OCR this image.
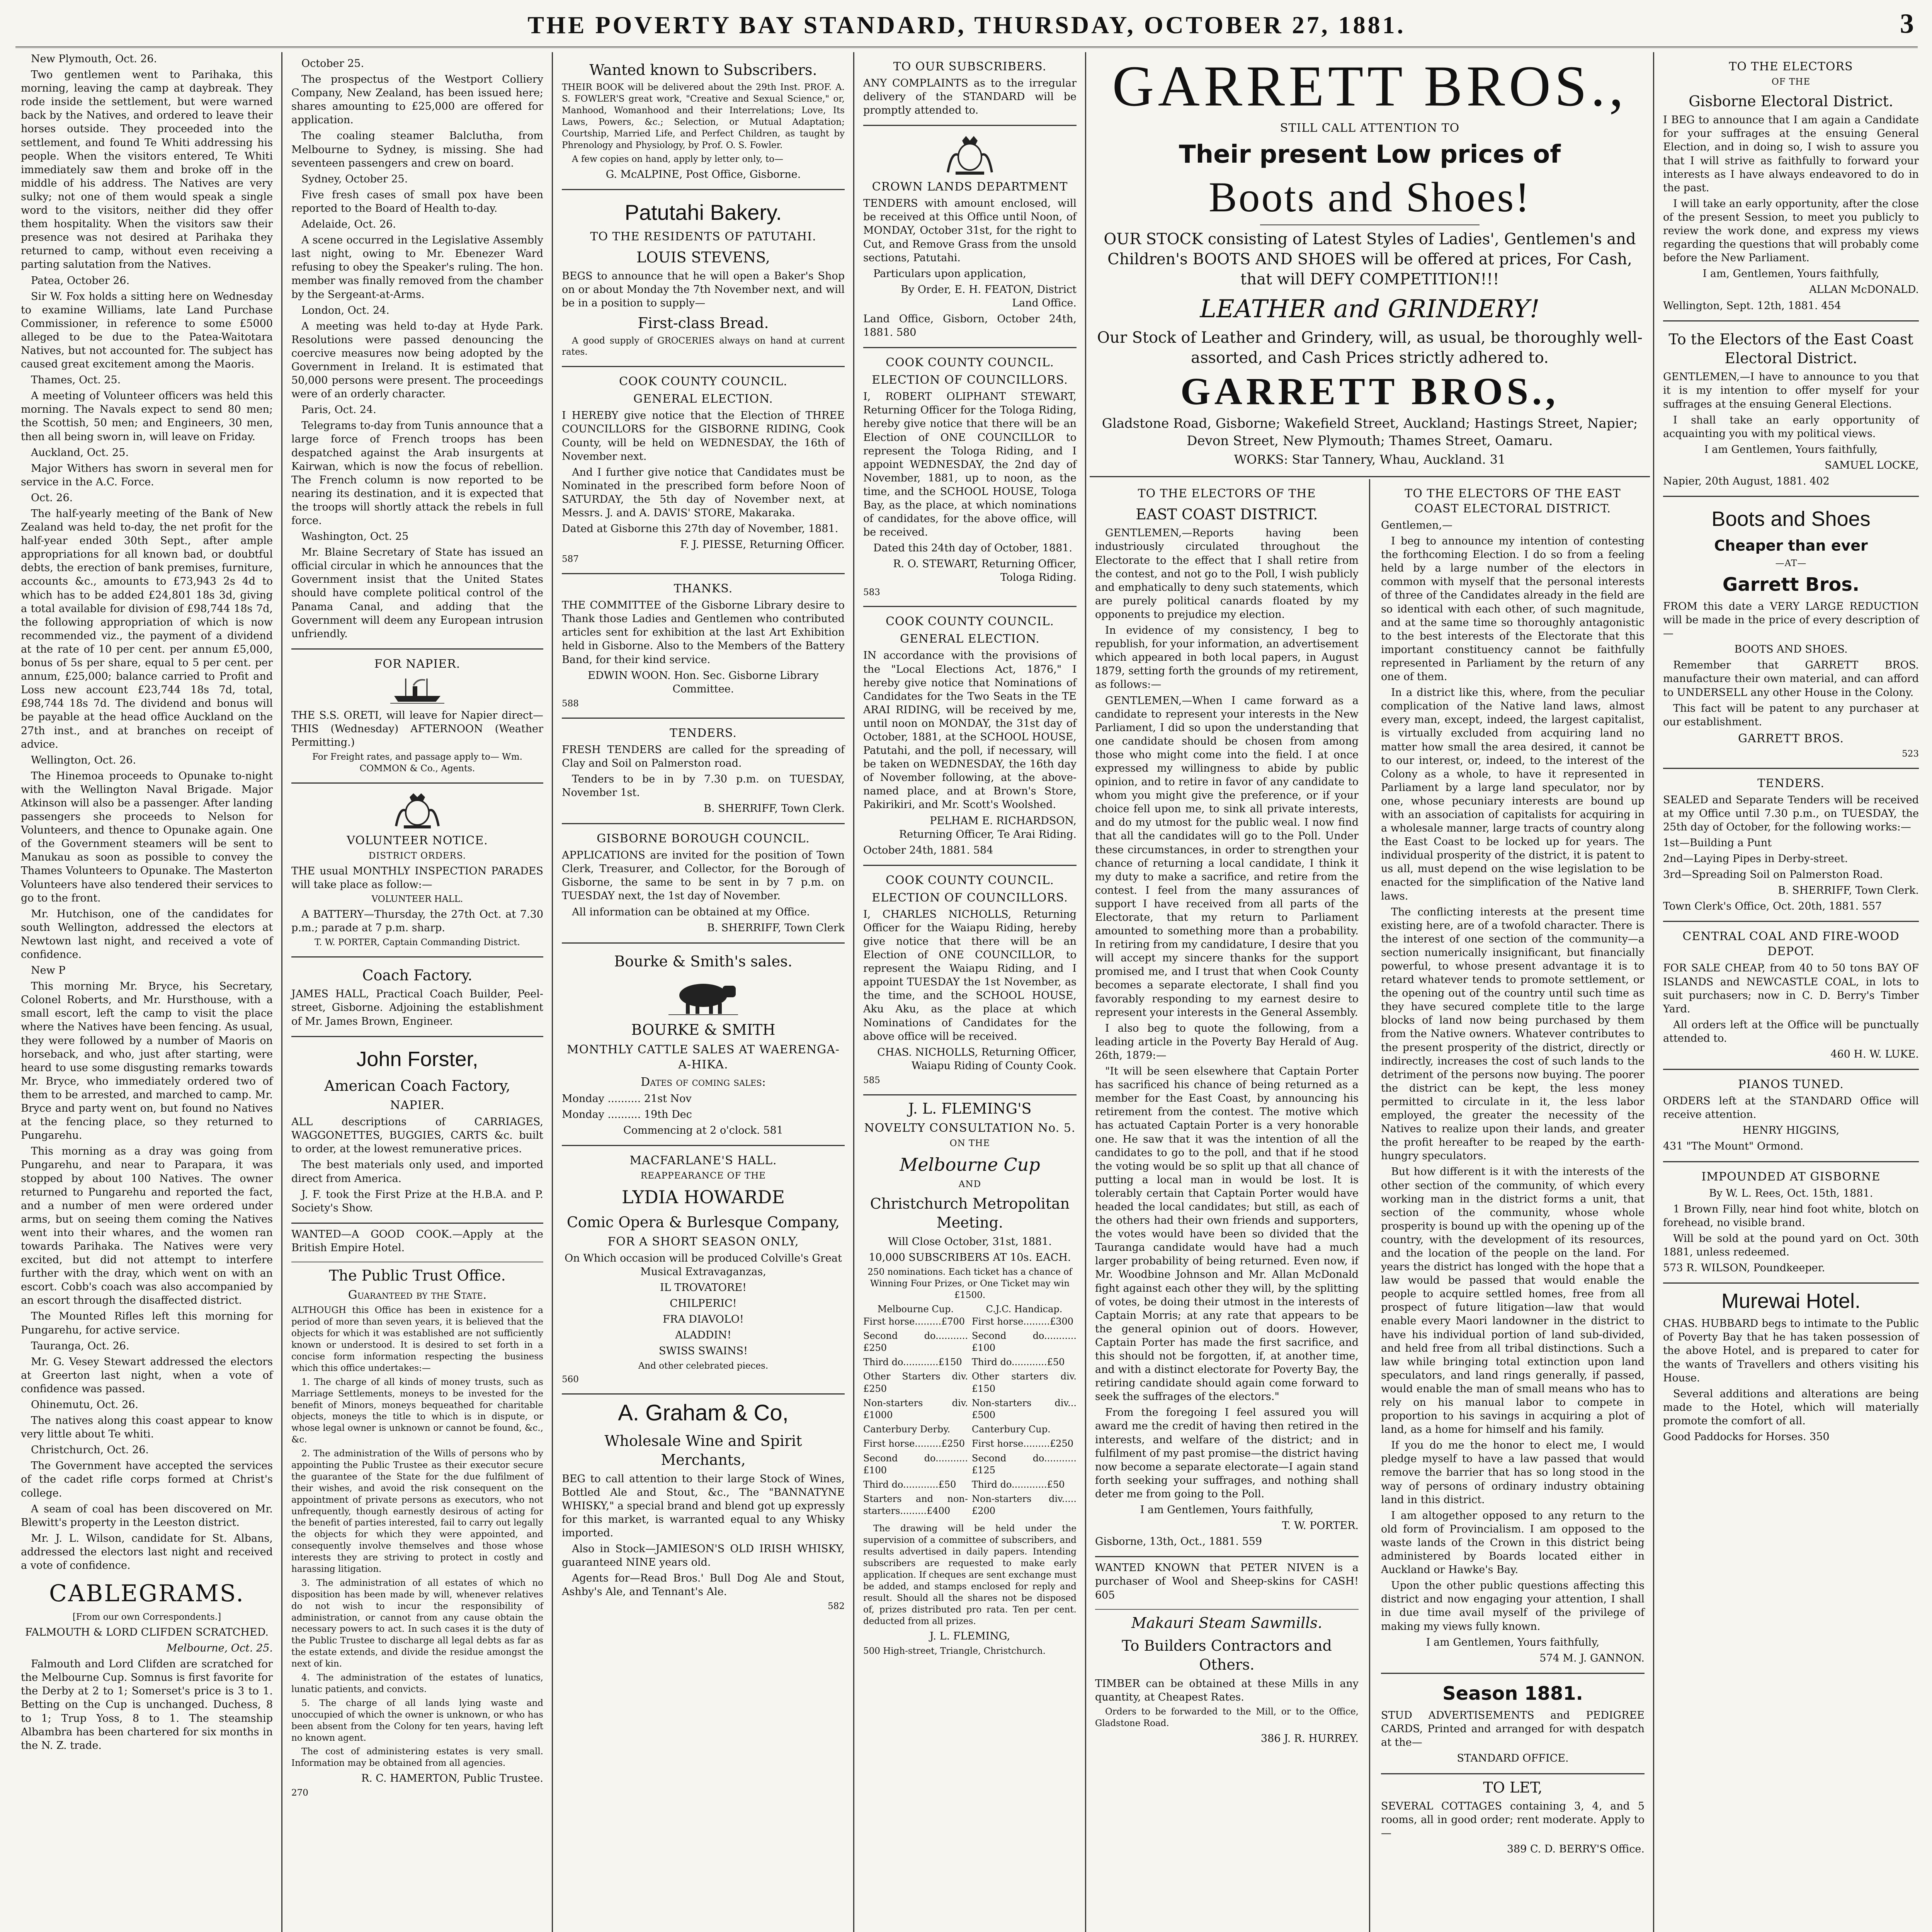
THE POVERTY BAY STANDARD, THURSDAY, OCTOBER 27, 1881.	3

New Plymouth, Oct. 26.

Two gentlemen went to Parihaka, this morning, leaving the camp at daybreak. They rode inside the settlement, but were warned back by the Natives, and ordered to leave their horses outside. They proceeded into the settlement, and found Te Whiti addressing his people. When the visitors entered, Te Whiti immediately saw them and broke off in the middle of his address. The Natives are very sulky; not one of them would speak a single word to the visitors, neither did they offer them hospitality. When the visitors saw their presence was not desired at Parihaka they returned to camp, without even receiving a parting salutation from the Natives.

Patea, October 26.

Sir W. Fox holds a sitting here on Wednesday to examine Williams, late Land Purchase Commissioner, in reference to some £5000 alleged to be due to the Patea-Waitotara Natives, but not accounted for. The subject has caused great excitement among the Maoris.

Thames, Oct. 25.

A meeting of Volunteer officers was held this morning. The Navals expect to send 80 men; the Scottish, 50 men; and Engineers, 30 men, then all being sworn in, will leave on Friday.

Auckland, Oct. 25.

Major Withers has sworn in several men for service in the A.C. Force.

Oct. 26.

The half-yearly meeting of the Bank of New Zealand was held to-day, the net profit for the half-year ended 30th Sept., after ample appropriations for all known bad, or doubtful debts, the erection of bank premises, furniture, accounts &c., amounts to £73,943 2s 4d to which has to be added £24,801 18s 3d, giving a total available for division of £98,744 18s 7d, the following appropriation of which is now recommended viz., the payment of a dividend at the rate of 10 per cent. per annum £5,000, bonus of 5s per share, equal to 5 per cent. per annum, £25,000; balance carried to Profit and Loss new account £23,744 18s 7d, total, £98,744 18s 7d. The dividend and bonus will be payable at the head office Auckland on the 27th inst., and at branches on receipt of advice.

Wellington, Oct. 26.

The Hinemoa proceeds to Opunake to-night with the Wellington Naval Brigade. Major Atkinson will also be a passenger. After landing passengers she proceeds to Nelson for Volunteers, and thence to Opunake again. One of the Government steamers will be sent to Manukau as soon as possible to convey the Thames Volunteers to Opunake. The Masterton Volunteers have also tendered their services to go to the front.

Mr. Hutchison, one of the candidates for south Wellington, addressed the electors at Newtown last night, and received a vote of confidence.

New P

This morning Mr. Bryce, his Secretary, Colonel Roberts, and Mr. Hursthouse, with a small escort, left the camp to visit the place where the Natives have been fencing. As usual, they were followed by a number of Maoris on horseback, and who, just after starting, were heard to use some disgusting remarks towards Mr. Bryce, who immediately ordered two of them to be arrested, and marched to camp. Mr. Bryce and party went on, but found no Natives at the fencing place, so they returned to Pungarehu.

This morning as a dray was going from Pungarehu, and near to Parapara, it was stopped by about 100 Natives. The owner returned to Pungarehu and reported the fact, and a number of men were ordered under arms, but on seeing them coming the Natives went into their whares, and the women ran towards Parihaka. The Natives were very excited, but did not attempt to interfere further with the dray, which went on with an escort. Cobb's coach was also accompanied by an escort through the disaffected district.

The Mounted Rifles left this morning for Pungarehu, for active service.

Tauranga, Oct. 26.

Mr. G. Vesey Stewart addressed the electors at Greerton last night, when a vote of confidence was passed.

Ohinemutu, Oct. 26.

The natives along this coast appear to know very little about Te whiti.

Christchurch, Oct. 26.

The Government have accepted the services of the cadet rifle corps formed at Christ's college.

A seam of coal has been discovered on Mr. Blewitt's property in the Leeston district.

Mr. J. L. Wilson, candidate for St. Albans, addressed the electors last night and received a vote of confidence.

CABLEGRAMS.

[From our own Correspondents.]

FALMOUTH & LORD CLIFDEN SCRATCHED.

Melbourne, Oct. 25.

Falmouth and Lord Clifden are scratched for the Melbourne Cup. Somnus is first favorite for the Derby at 2 to 1; Somerset's price is 3 to 1. Betting on the Cup is unchanged. Duchess, 8 to 1; Trup Yoss, 8 to 1. The steamship Albambra has been chartered for six months in the N. Z. trade.

October 25.

The prospectus of the Westport Colliery Company, New Zealand, has been issued here; shares amounting to £25,000 are offered for application.

The coaling steamer Balclutha, from Melbourne to Sydney, is missing. She had seventeen passengers and crew on board.

Sydney, October 25.

Five fresh cases of small pox have been reported to the Board of Health to-day.

Adelaide, Oct. 26.

A scene occurred in the Legislative Assembly last night, owing to Mr. Ebenezer Ward refusing to obey the Speaker's ruling. The hon. member was finally removed from the chamber by the Sergeant-at-Arms.

London, Oct. 24.

A meeting was held to-day at Hyde Park. Resolutions were passed denouncing the coercive measures now being adopted by the Government in Ireland. It is estimated that 50,000 persons were present. The proceedings were of an orderly character.

Paris, Oct. 24.

Telegrams to-day from Tunis announce that a large force of French troops has been despatched against the Arab insurgents at Kairwan, which is now the focus of rebellion. The French column is now reported to be nearing its destination, and it is expected that the troops will shortly attack the rebels in full force.

Washington, Oct. 25

Mr. Blaine Secretary of State has issued an official circular in which he announces that the Government insist that the United States should have complete political control of the Panama Canal, and adding that the Government will deem any European intrusion unfriendly.

FOR NAPIER.

THE S.S. ORETI, will leave for Napier direct— THIS (Wednesday) AFTERNOON (Weather Permitting.)

For Freight rates, and passage apply to— Wm. COMMON & Co., Agents.

VOLUNTEER NOTICE.
DISTRICT ORDERS.

THE usual MONTHLY INSPECTION PARADES will take place as follow:—

VOLUNTEER HALL.

A BATTERY—Thursday, the 27th Oct. at 7.30 p.m.; parade at 7 p.m. sharp.

T. W. PORTER, Captain Commanding District.

Coach Factory.

JAMES HALL, Practical Coach Builder, Peel-street, Gisborne. Adjoining the establishment of Mr. James Brown, Engineer.

John Forster,
American Coach Factory,
NAPIER.

ALL descriptions of CARRIAGES, WAGGONETTES, BUGGIES, CARTS &c. built to order, at the lowest remunerative prices.

The best materials only used, and imported direct from America.

J. F. took the First Prize at the H.B.A. and P. Society's Show.

WANTED—A GOOD COOK.—Apply at the British Empire Hotel.

The Public Trust Office.
Guaranteed by the State.

ALTHOUGH this Office has been in existence for a period of more than seven years, it is believed that the objects for which it was established are not sufficiently known or understood. It is desired to set forth in a concise form information respecting the business which this office undertakes:—

1. The charge of all kinds of money trusts, such as Marriage Settlements, moneys to be invested for the benefit of Minors, moneys bequeathed for charitable objects, moneys the title to which is in dispute, or whose legal owner is unknown or cannot be found, &c., &c.

2. The administration of the Wills of persons who by appointing the Public Trustee as their executor secure the guarantee of the State for the due fulfilment of their wishes, and avoid the risk consequent on the appointment of private persons as executors, who not unfrequently, though earnestly desirous of acting for the benefit of parties interested, fail to carry out legally the objects for which they were appointed, and consequently involve themselves and those whose interests they are striving to protect in costly and harassing litigation.

3. The administration of all estates of which no disposition has been made by will, whenever relatives do not wish to incur the responsibility of administration, or cannot from any cause obtain the necessary powers to act. In such cases it is the duty of the Public Trustee to discharge all legal debts as far as the estate extends, and divide the residue amongst the next of kin.

4. The administration of the estates of lunatics, lunatic patients, and convicts.

5. The charge of all lands lying waste and unoccupied of which the owner is unknown, or who has been absent from the Colony for ten years, having left no known agent.

The cost of administering estates is very small. Information may be obtained from all agencies.

R. C. HAMERTON, Public Trustee.

270

Wanted known to Subscribers.

THEIR BOOK will be delivered about the 29th Inst. PROF. A. S. FOWLER'S great work, "Creative and Sexual Science," or, Manhood, Womanhood and their Interrelations; Love, Its Laws, Powers, &c.; Selection, or Mutual Adaptation; Courtship, Married Life, and Perfect Children, as taught by Phrenology and Physiology, by Prof. O. S. Fowler.

A few copies on hand, apply by letter only, to—

G. McALPINE, Post Office, Gisborne.

Patutahi Bakery.
TO THE RESIDENTS OF PATUTAHI.
LOUIS STEVENS,

BEGS to announce that he will open a Baker's Shop on or about Monday the 7th November next, and will be in a position to supply—

First-class Bread.

A good supply of GROCERIES always on hand at current rates.

COOK COUNTY COUNCIL.
GENERAL ELECTION.

I HEREBY give notice that the Election of THREE COUNCILLORS for the GISBORNE RIDING, Cook County, will be held on WEDNESDAY, the 16th of November next.

And I further give notice that Candidates must be Nominated in the prescribed form before Noon of SATURDAY, the 5th day of November next, at Messrs. J. and A. DAVIS' STORE, Makaraka.

Dated at Gisborne this 27th day of November, 1881.

F. J. PIESSE, Returning Officer.

587

THANKS.

THE COMMITTEE of the Gisborne Library desire to Thank those Ladies and Gentlemen who contributed articles sent for exhibition at the last Art Exhibition held in Gisborne. Also to the Members of the Battery Band, for their kind service.

EDWIN WOON. Hon. Sec. Gisborne Library Committee.

588

TENDERS.

FRESH TENDERS are called for the spreading of Clay and Soil on Palmerston road.

Tenders to be in by 7.30 p.m. on TUESDAY, November 1st.

B. SHERRIFF, Town Clerk.

GISBORNE BOROUGH COUNCIL.

APPLICATIONS are invited for the position of Town Clerk, Treasurer, and Collector, for the Borough of Gisborne, the same to be sent in by 7 p.m. on TUESDAY next, the 1st day of November.

All information can be obtained at my Office.

B. SHERRIFF, Town Clerk

Bourke & Smith's sales.
BOURKE & SMITH
MONTHLY CATTLE SALES AT WAERENGA-A-HIKA.
Dates of coming sales:

Monday .......... 21st Nov

Monday .......... 19th Dec

Commencing at 2 o'clock. 581

MACFARLANE'S HALL.
REAPPEARANCE OF THE
LYDIA HOWARDE
Comic Opera & Burlesque Company,
FOR A SHORT SEASON ONLY,

On Which occasion will be produced Colville's Great Musical Extravaganzas,

IL TROVATORE!

CHILPERIC!

FRA DIAVOLO!

ALADDIN!

SWISS SWAINS!

And other celebrated pieces.

560

A. Graham & Co,
Wholesale Wine and Spirit Merchants,

BEG to call attention to their large Stock of Wines, Bottled Ale and Stout, &c., The "BANNATYNE WHISKY," a special brand and blend got up expressly for this market, is warranted equal to any Whisky imported.

Also in Stock—JAMIESON'S OLD IRISH WHISKY, guaranteed NINE years old.

Agents for—Read Bros.' Bull Dog Ale and Stout, Ashby's Ale, and Tennant's Ale.

582

TO OUR SUBSCRIBERS.

ANY COMPLAINTS as to the irregular delivery of the STANDARD will be promptly attended to.

CROWN LANDS DEPARTMENT

TENDERS with amount enclosed, will be received at this Office until Noon, of MONDAY, October 31st, for the right to Cut, and Remove Grass from the unsold sections, Patutahi.

Particulars upon application,

By Order, E. H. FEATON, District Land Office.

Land Office, Gisborn, October 24th, 1881. 580

COOK COUNTY COUNCIL.
ELECTION OF COUNCILLORS.

I, ROBERT OLIPHANT STEWART, Returning Officer for the Tologa Riding, hereby give notice that there will be an Election of ONE COUNCILLOR to represent the Tologa Riding, and I appoint WEDNESDAY, the 2nd day of November, 1881, up to noon, as the time, and the SCHOOL HOUSE, Tologa Bay, as the place, at which nominations of candidates, for the above office, will be received.

Dated this 24th day of October, 1881.

R. O. STEWART, Returning Officer, Tologa Riding.

583

COOK COUNTY COUNCIL.
GENERAL ELECTION.

IN accordance with the provisions of the "Local Elections Act, 1876," I hereby give notice that Nominations of Candidates for the Two Seats in the TE ARAI RIDING, will be received by me, until noon on MONDAY, the 31st day of October, 1881, at the SCHOOL HOUSE, Patutahi, and the poll, if necessary, will be taken on WEDNESDAY, the 16th day of November following, at the above-named place, and at Brown's Store, Pakirikiri, and Mr. Scott's Woolshed.

PELHAM E. RICHARDSON, Returning Officer, Te Arai Riding.

October 24th, 1881. 584

COOK COUNTY COUNCIL.
ELECTION OF COUNCILLORS.

I, CHARLES NICHOLLS, Returning Officer for the Waiapu Riding, hereby give notice that there will be an Election of ONE COUNCILLOR, to represent the Waiapu Riding, and I appoint TUESDAY the 1st November, as the time, and the SCHOOL HOUSE, Aku Aku, as the place at which Nominations of Candidates for the above office will be received.

CHAS. NICHOLLS, Returning Officer, Waiapu Riding of County Cook.

585

J. L. FLEMING'S
NOVELTY CONSULTATION No. 5.
ON THE
Melbourne Cup
AND
Christchurch Metropolitan Meeting.

Will Close October, 31st, 1881.

10,000 SUBSCRIBERS AT 10s. EACH.

250 nominations. Each ticket has a chance of Winning Four Prizes, or One Ticket may win £1500.

Melbourne Cup.

First horse.........£700

Second do...........£250

Third do............£150

Other Starters div. £250

Non-starters div. £1000

Canterbury Derby.

First horse.........£250

Second do...........£100

Third do............£50

Starters and non-starters.........£400

C.J.C. Handicap.

First horse.........£300

Second do...........£100

Third do............£50

Other starters div. £150

Non-starters div... £500

Canterbury Cup.

First horse.........£250

Second do...........£125

Third do............£50

Non-starters div.....£200

The drawing will be held under the supervision of a committee of subscribers, and results advertised in daily papers. Intending subscribers are requested to make early application. If cheques are sent exchange must be added, and stamps enclosed for reply and result. Should all the shares not be disposed of, prizes distributed pro rata. Ten per cent. deducted from all prizes.

J. L. FLEMING,

500 High-street, Triangle, Christchurch.

GARRETT BROS.,
STILL CALL ATTENTION TO
Their present Low prices of
Boots and Shoes!

OUR STOCK consisting of Latest Styles of Ladies', Gentlemen's and Children's BOOTS AND SHOES will be offered at prices, For Cash, that will DEFY COMPETITION!!!

LEATHER and GRINDERY!

Our Stock of Leather and Grindery, will, as usual, be thoroughly well-assorted, and Cash Prices strictly adhered to.

GARRETT BROS.,

Gladstone Road, Gisborne; Wakefield Street, Auckland; Hastings Street, Napier; Devon Street, New Plymouth; Thames Street, Oamaru.

WORKS: Star Tannery, Whau, Auckland. 31

TO THE ELECTORS OF THE
EAST COAST DISTRICT.

GENTLEMEN,—Reports having been industriously circulated throughout the Electorate to the effect that I shall retire from the contest, and not go to the Poll, I wish publicly and emphatically to deny such statements, which are purely political canards floated by my opponents to prejudice my election.

In evidence of my consistency, I beg to republish, for your information, an advertisement which appeared in both local papers, in August 1879, setting forth the grounds of my retirement, as follows:—

GENTLEMEN,—When I came forward as a candidate to represent your interests in the New Parliament, I did so upon the understanding that one candidate should be chosen from among those who might come into the field. I at once expressed my willingness to abide by public opinion, and to retire in favor of any candidate to whom you might give the preference, or if your choice fell upon me, to sink all private interests, and do my utmost for the public weal. I now find that all the candidates will go to the Poll. Under these circumstances, in order to strengthen your chance of returning a local candidate, I think it my duty to make a sacrifice, and retire from the contest. I feel from the many assurances of support I have received from all parts of the Electorate, that my return to Parliament amounted to something more than a probability. In retiring from my candidature, I desire that you will accept my sincere thanks for the support promised me, and I trust that when Cook County becomes a separate electorate, I shall find you favorably responding to my earnest desire to represent your interests in the General Assembly.

I also beg to quote the following, from a leading article in the Poverty Bay Herald of Aug. 26th, 1879:—

"It will be seen elsewhere that Captain Porter has sacrificed his chance of being returned as a member for the East Coast, by announcing his retirement from the contest. The motive which has actuated Captain Porter is a very honorable one. He saw that it was the intention of all the candidates to go to the poll, and that if he stood the voting would be so split up that all chance of putting a local man in would be lost. It is tolerably certain that Captain Porter would have headed the local candidates; but still, as each of the others had their own friends and supporters, the votes would have been so divided that the Tauranga candidate would have had a much larger probability of being returned. Even now, if Mr. Woodbine Johnson and Mr. Allan McDonald fight against each other they will, by the splitting of votes, be doing their utmost in the interests of Captain Morris; at any rate that appears to be the general opinion out of doors. However, Captain Porter has made the first sacrifice, and this should not be forgotten, if, at another time, and with a distinct electorate for Poverty Bay, the retiring candidate should again come forward to seek the suffrages of the electors."

From the foregoing I feel assured you will award me the credit of having then retired in the interests, and welfare of the district; and in fulfilment of my past promise—the district having now become a separate electorate—I again stand forth seeking your suffrages, and nothing shall deter me from going to the Poll.

I am Gentlemen, Yours faithfully,

T. W. PORTER.

Gisborne, 13th, Oct., 1881. 559

WANTED KNOWN that PETER NIVEN is a purchaser of Wool and Sheep-skins for CASH! 605

Makauri Steam Sawmills.
To Builders Contractors and Others.

TIMBER can be obtained at these Mills in any quantity, at Cheapest Rates.

Orders to be forwarded to the Mill, or to the Office, Gladstone Road.

386 J. R. HURREY.

TO THE ELECTORS OF THE EAST COAST ELECTORAL DISTRICT.

Gentlemen,—

I beg to announce my intention of contesting the forthcoming Election. I do so from a feeling held by a large number of the electors in common with myself that the personal interests of three of the Candidates already in the field are so identical with each other, of such magnitude, and at the same time so thoroughly antagonistic to the best interests of the Electorate that this important constituency cannot be faithfully represented in Parliament by the return of any one of them.

In a district like this, where, from the peculiar complication of the Native land laws, almost every man, except, indeed, the largest capitalist, is virtually excluded from acquiring land no matter how small the area desired, it cannot be to our interest, or, indeed, to the interest of the Colony as a whole, to have it represented in Parliament by a large land speculator, nor by one, whose pecuniary interests are bound up with an association of capitalists for acquiring in a wholesale manner, large tracts of country along the East Coast to be locked up for years. The individual prosperity of the district, it is patent to us all, must depend on the wise legislation to be enacted for the simplification of the Native land laws.

The conflicting interests at the present time existing here, are of a twofold character. There is the interest of one section of the community—a section numerically insignificant, but financially powerful, to whose present advantage it is to retard whatever tends to promote settlement, or the opening out of the country until such time as they have secured complete title to the large blocks of land now being purchased by them from the Native owners. Whatever contributes to the present prosperity of the district, directly or indirectly, increases the cost of such lands to the detriment of the persons now buying. The poorer the district can be kept, the less money permitted to circulate in it, the less labor employed, the greater the necessity of the Natives to realize upon their lands, and greater the profit hereafter to be reaped by the earth-hungry speculators.

But how different is it with the interests of the other section of the community, of which every working man in the district forms a unit, that section of the community, whose whole prosperity is bound up with the opening up of the country, with the development of its resources, and the location of the people on the land. For years the district has longed with the hope that a law would be passed that would enable the people to acquire settled homes, free from all prospect of future litigation—law that would enable every Maori landowner in the district to have his individual portion of land sub-divided, and held free from all tribal distinctions. Such a law while bringing total extinction upon land speculators, and land rings generally, if passed, would enable the man of small means who has to rely on his manual labor to compete in proportion to his savings in acquiring a plot of land, as a home for himself and his family.

If you do me the honor to elect me, I would pledge myself to have a law passed that would remove the barrier that has so long stood in the way of persons of ordinary industry obtaining land in this district.

I am altogether opposed to any return to the old form of Provincialism. I am opposed to the waste lands of the Crown in this district being administered by Boards located either in Auckland or Hawke's Bay.

Upon the other public questions affecting this district and now engaging your attention, I shall in due time avail myself of the privilege of making my views fully known.

I am Gentlemen, Yours faithfully,

574 M. J. GANNON.

Season 1881.

STUD ADVERTISEMENTS and PEDIGREE CARDS, Printed and arranged for with despatch at the—

STANDARD OFFICE.

TO LET,

SEVERAL COTTAGES containing 3, 4, and 5 rooms, all in good order; rent moderate. Apply to—

389 C. D. BERRY'S Office.

TO THE ELECTORS
OF THE
Gisborne Electoral District.

I BEG to announce that I am again a Candidate for your suffrages at the ensuing General Election, and in doing so, I wish to assure you that I will strive as faithfully to forward your interests as I have always endeavored to do in the past.

I will take an early opportunity, after the close of the present Session, to meet you publicly to review the work done, and express my views regarding the questions that will probably come before the New Parliament.

I am, Gentlemen, Yours faithfully,

ALLAN McDONALD.

Wellington, Sept. 12th, 1881. 454

To the Electors of the East Coast Electoral District.

GENTLEMEN,—I have to announce to you that it is my intention to offer myself for your suffrages at the ensuing General Elections.

I shall take an early opportunity of acquainting you with my political views.

I am Gentlemen, Yours faithfully,

SAMUEL LOCKE,

Napier, 20th August, 1881. 402

Boots and Shoes
Cheaper than ever
—AT—
Garrett Bros.

FROM this date a VERY LARGE REDUCTION will be made in the price of every description of—

BOOTS AND SHOES.

Remember that GARRETT BROS. manufacture their own material, and can afford to UNDERSELL any other House in the Colony.

This fact will be patent to any purchaser at our establishment.

GARRETT BROS.

523

TENDERS.

SEALED and Separate Tenders will be received at my Office until 7.30 p.m., on TUESDAY, the 25th day of October, for the following works:—

1st—Building a Punt

2nd—Laying Pipes in Derby-street.

3rd—Spreading Soil on Palmerston Road.

B. SHERRIFF, Town Clerk.

Town Clerk's Office, Oct. 20th, 1881. 557

CENTRAL COAL AND FIRE-WOOD DEPOT.

FOR SALE CHEAP, from 40 to 50 tons BAY OF ISLANDS and NEWCASTLE COAL, in lots to suit purchasers; now in C. D. Berry's Timber Yard.

All orders left at the Office will be punctually attended to.

460 H. W. LUKE.

PIANOS TUNED.

ORDERS left at the STANDARD Office will receive attention.

HENRY HIGGINS,

431 "The Mount" Ormond.

IMPOUNDED AT GISBORNE

By W. L. Rees, Oct. 15th, 1881.

1 Brown Filly, near hind foot white, blotch on forehead, no visible brand.

Will be sold at the pound yard on Oct. 30th 1881, unless redeemed.

573 R. WILSON, Poundkeeper.

Murewai Hotel.

CHAS. HUBBARD begs to intimate to the Public of Poverty Bay that he has taken possession of the above Hotel, and is prepared to cater for the wants of Travellers and others visiting his House.

Several additions and alterations are being made to the Hotel, which will materially promote the comfort of all.

Good Paddocks for Horses. 350
